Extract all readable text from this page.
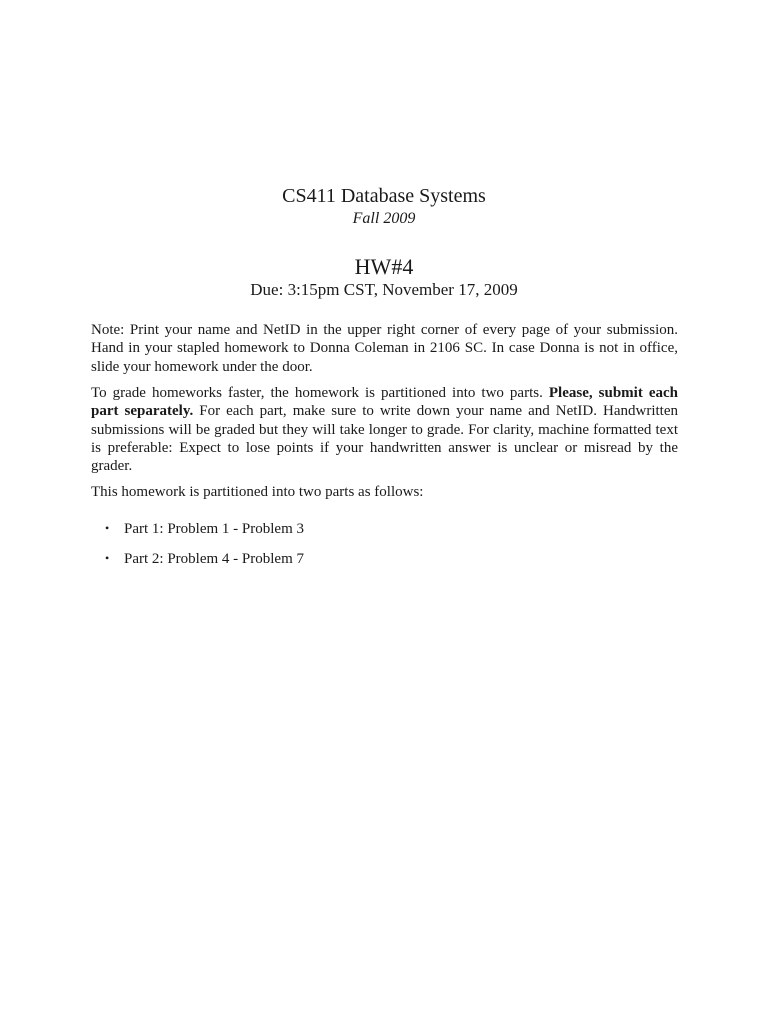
CS411 Database Systems
Fall 2009
HW#4
Due: 3:15pm CST, November 17, 2009

Note: Print your name and NetID in the upper right corner of every page of your submission. Hand in your stapled homework to Donna Coleman in 2106 SC. In case Donna is not in office, slide your homework under the door.

To grade homeworks faster, the homework is partitioned into two parts. Please, submit each part separately. For each part, make sure to write down your name and NetID. Handwritten submissions will be graded but they will take longer to grade. For clarity, machine formatted text is preferable: Expect to lose points if your handwritten answer is unclear or misread by the grader.

This homework is partitioned into two parts as follows:

• Part 1: Problem 1 - Problem 3
• Part 2: Problem 4 - Problem 7
